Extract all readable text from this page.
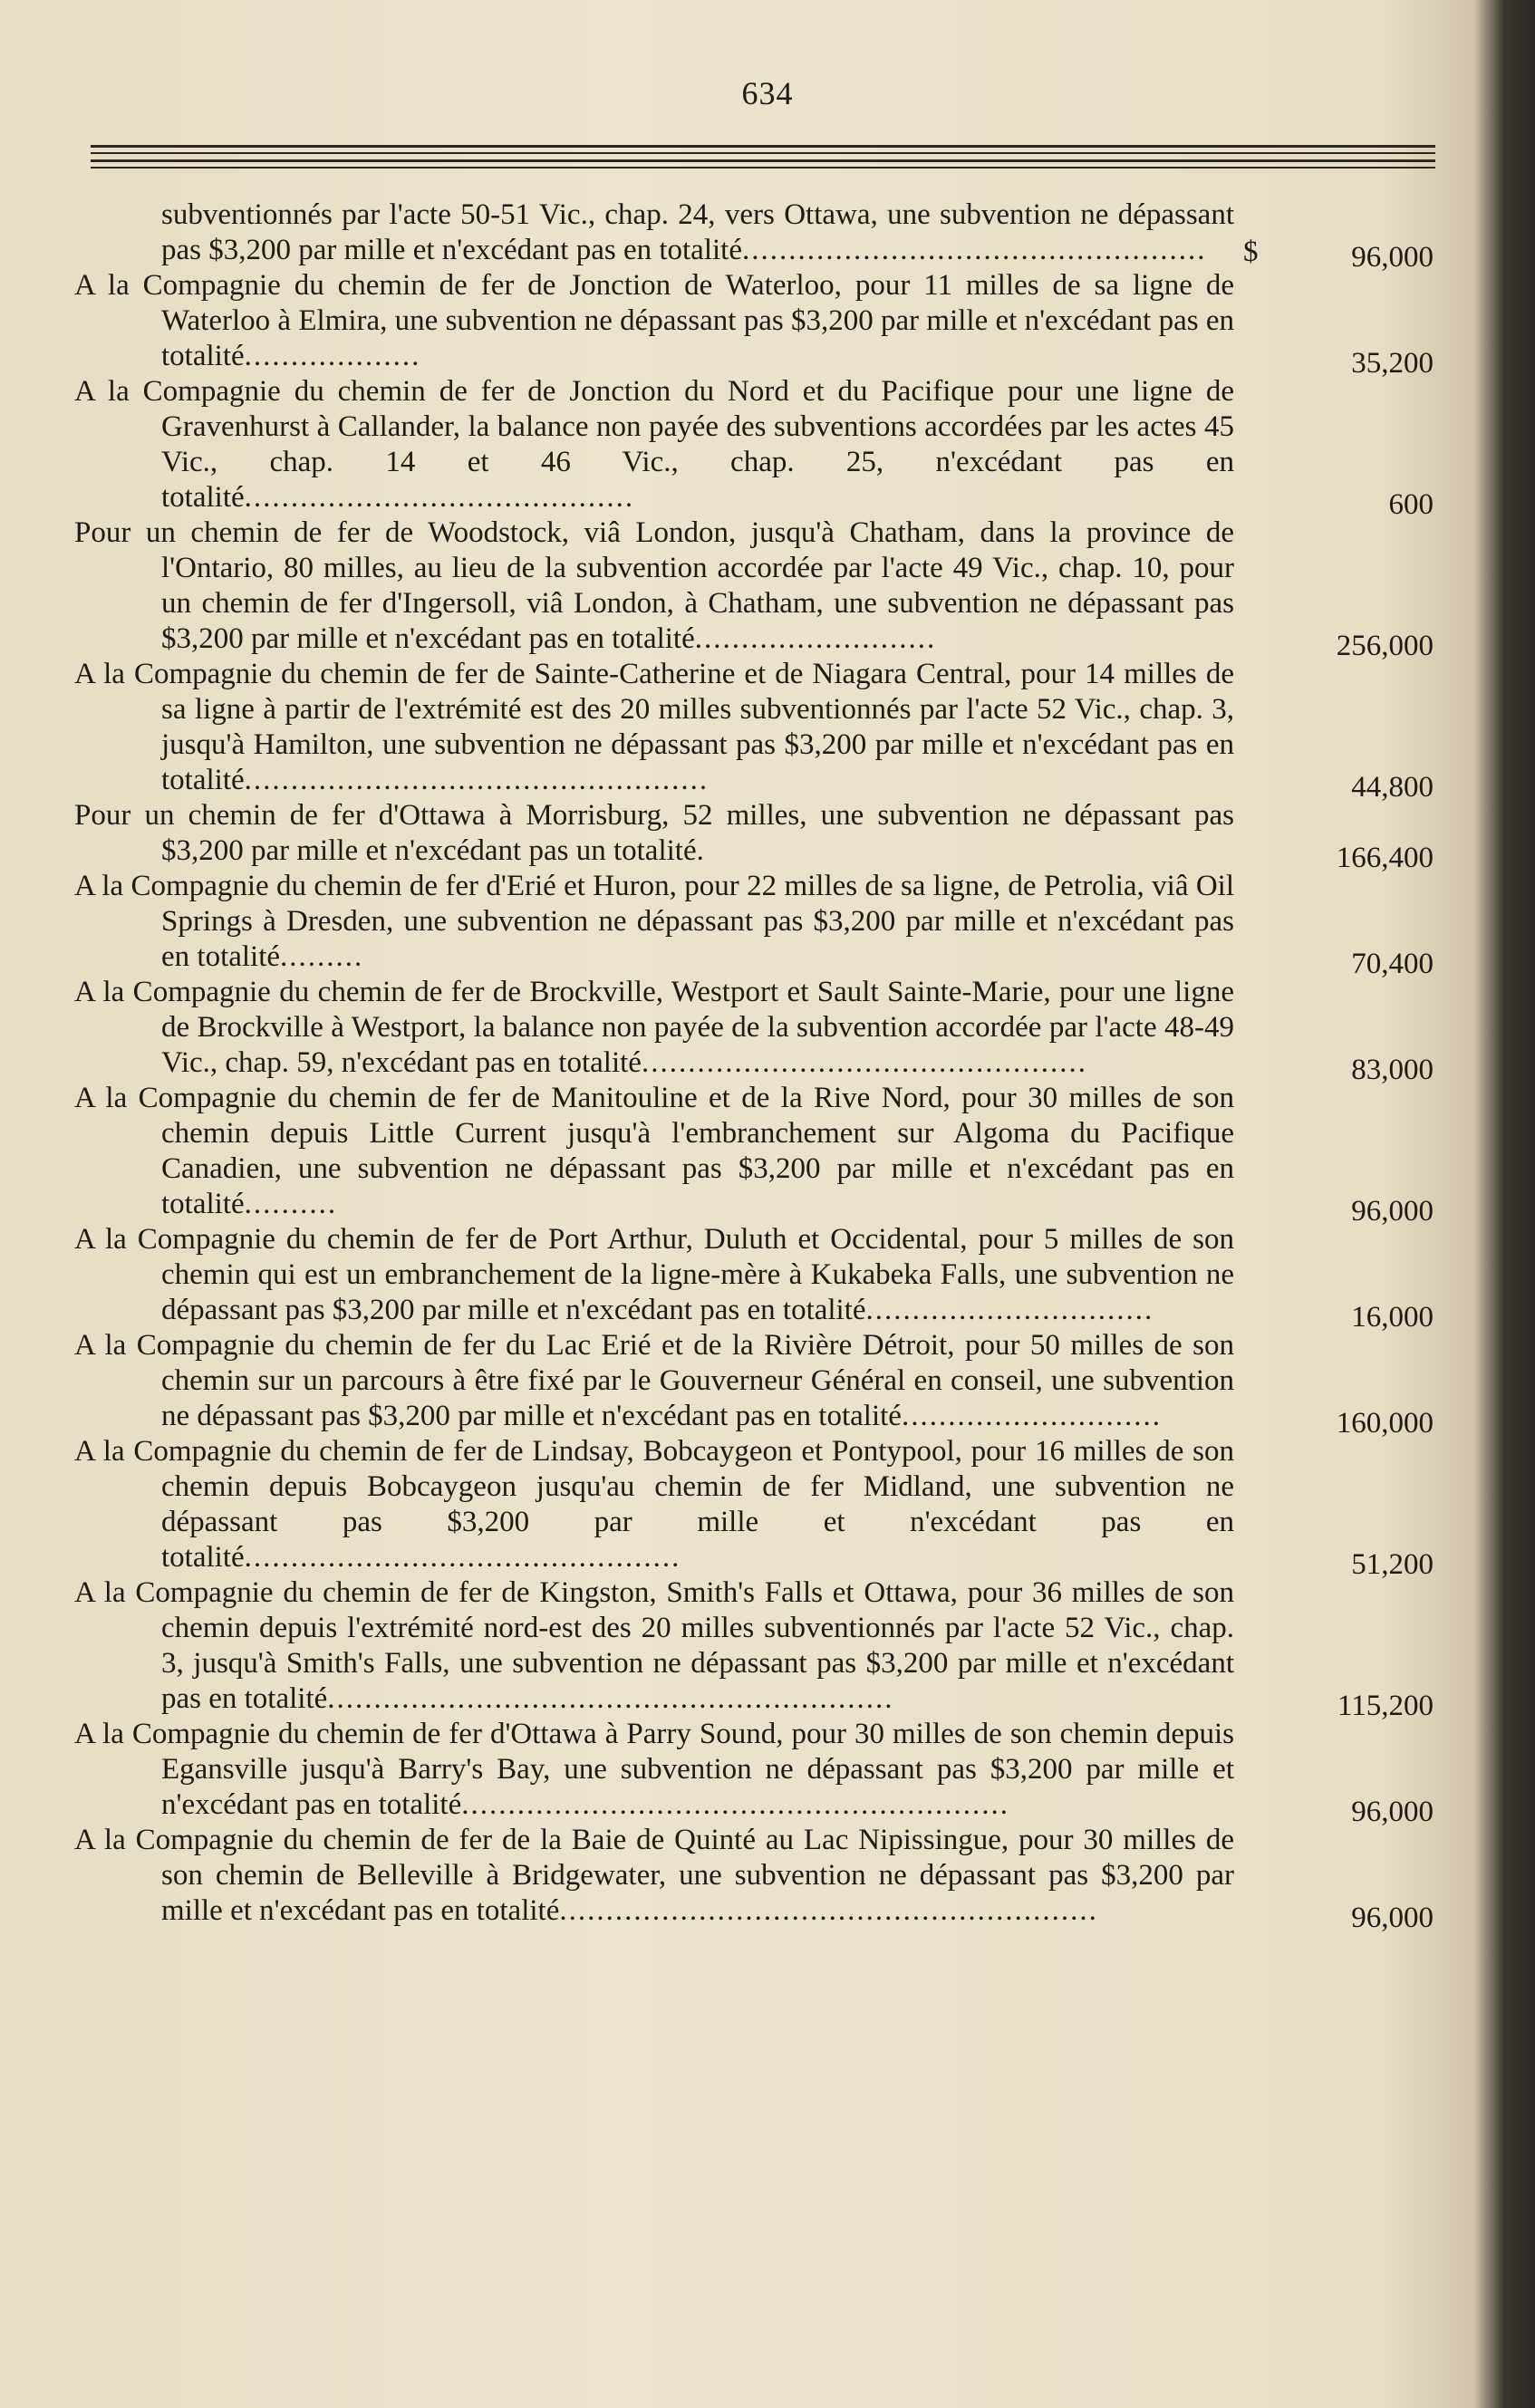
634
subventionnés par l'acte 50-51 Vic., chap. 24, vers Ottawa, une subvention ne dépassant pas $3,200 par mille et n'excédant pas en totalité..................................................	$	96,000
A la Compagnie du chemin de fer de Jonction de Waterloo, pour 11 milles de sa ligne de Waterloo à Elmira, une subvention ne dépassant pas $3,200 par mille et n'excédant pas en totalité...................	35,200
A la Compagnie du chemin de fer de Jonction du Nord et du Pacifique pour une ligne de Gravenhurst à Callander, la balance non payée des subventions accordées par les actes 45 Vic., chap. 14 et 46 Vic., chap. 25, n'excédant pas en totalité..........................................	600
Pour un chemin de fer de Woodstock, viâ London, jusqu'à Chatham, dans la province de l'Ontario, 80 milles, au lieu de la subvention accordée par l'acte 49 Vic., chap. 10, pour un chemin de fer d'Ingersoll, viâ London, à Chatham, une subvention ne dépassant pas $3,200 par mille et n'excédant pas en totalité..........................	256,000
A la Compagnie du chemin de fer de Sainte-Catherine et de Niagara Central, pour 14 milles de sa ligne à partir de l'extrémité est des 20 milles subventionnés par l'acte 52 Vic., chap. 3, jusqu'à Hamilton, une subvention ne dépassant pas $3,200 par mille et n'excédant pas en totalité..................................................	44,800
Pour un chemin de fer d'Ottawa à Morrisburg, 52 milles, une subvention ne dépassant pas $3,200 par mille et n'excédant pas un totalité.	166,400
A la Compagnie du chemin de fer d'Erié et Huron, pour 22 milles de sa ligne, de Petrolia, viâ Oil Springs à Dresden, une subvention ne dépassant pas $3,200 par mille et n'excédant pas en totalité.........	70,400
A la Compagnie du chemin de fer de Brockville, Westport et Sault Sainte-Marie, pour une ligne de Brockville à Westport, la balance non payée de la subvention accordée par l'acte 48-49 Vic., chap. 59, n'excédant pas en totalité................................................	83,000
A la Compagnie du chemin de fer de Manitouline et de la Rive Nord, pour 30 milles de son chemin depuis Little Current jusqu'à l'embranchement sur Algoma du Pacifique Canadien, une subvention ne dépassant pas $3,200 par mille et n'excédant pas en totalité..........	96,000
A la Compagnie du chemin de fer de Port Arthur, Duluth et Occidental, pour 5 milles de son chemin qui est un embranchement de la ligne-mère à Kukabeka Falls, une subvention ne dépassant pas $3,200 par mille et n'excédant pas en totalité...............................	16,000
A la Compagnie du chemin de fer du Lac Erié et de la Rivière Détroit, pour 50 milles de son chemin sur un parcours à être fixé par le Gouverneur Général en conseil, une subvention ne dépassant pas $3,200 par mille et n'excédant pas en totalité............................	160,000
A la Compagnie du chemin de fer de Lindsay, Bobcaygeon et Pontypool, pour 16 milles de son chemin depuis Bobcaygeon jusqu'au chemin de fer Midland, une subvention ne dépassant pas $3,200 par mille et n'excédant pas en totalité...............................................	51,200
A la Compagnie du chemin de fer de Kingston, Smith's Falls et Ottawa, pour 36 milles de son chemin depuis l'extrémité nord-est des 20 milles subventionnés par l'acte 52 Vic., chap. 3, jusqu'à Smith's Falls, une subvention ne dépassant pas $3,200 par mille et n'excédant pas en totalité.............................................................	115,200
A la Compagnie du chemin de fer d'Ottawa à Parry Sound, pour 30 milles de son chemin depuis Egansville jusqu'à Barry's Bay, une subvention ne dépassant pas $3,200 par mille et n'excédant pas en totalité...........................................................	96,000
A la Compagnie du chemin de fer de la Baie de Quinté au Lac Nipissingue, pour 30 milles de son chemin de Belleville à Bridgewater, une subvention ne dépassant pas $3,200 par mille et n'excédant pas en totalité..........................................................	96,000
